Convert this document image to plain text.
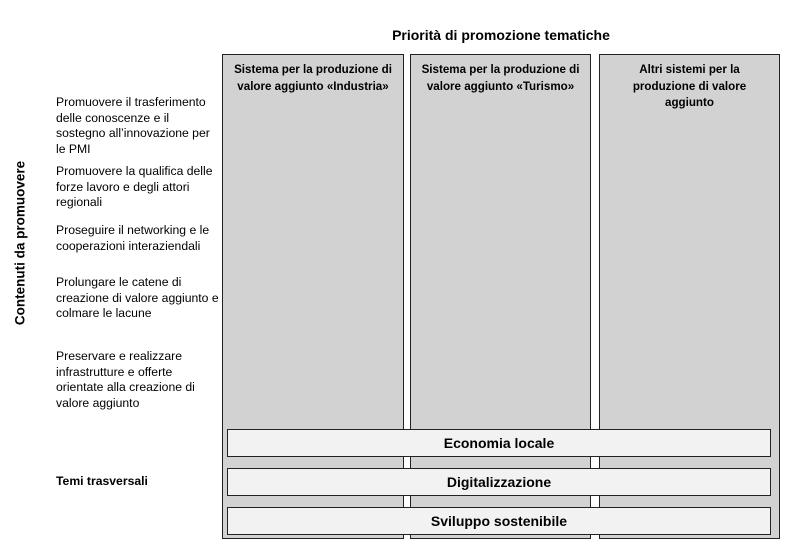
Priorità di promozione tematiche
Contenuti da promuovere
Promuovere il trasferimento delle conoscenze e il sostegno all’innovazione per le PMI
Promuovere la qualifica delle forze lavoro e degli attori regionali
Proseguire il networking e le cooperazioni interaziendali
Prolungare le catene di creazione di valore aggiunto e colmare le lacune
Preservare e realizzare infrastrutture e offerte orientate alla creazione di valore aggiunto
Sistema per la produzione di valore aggiunto «Industria»
Sistema per la produzione di valore aggiunto «Turismo»
Altri sistemi per la produzione di valore aggiunto
Temi trasversali
Economia locale
Digitalizzazione
Sviluppo sostenibile
